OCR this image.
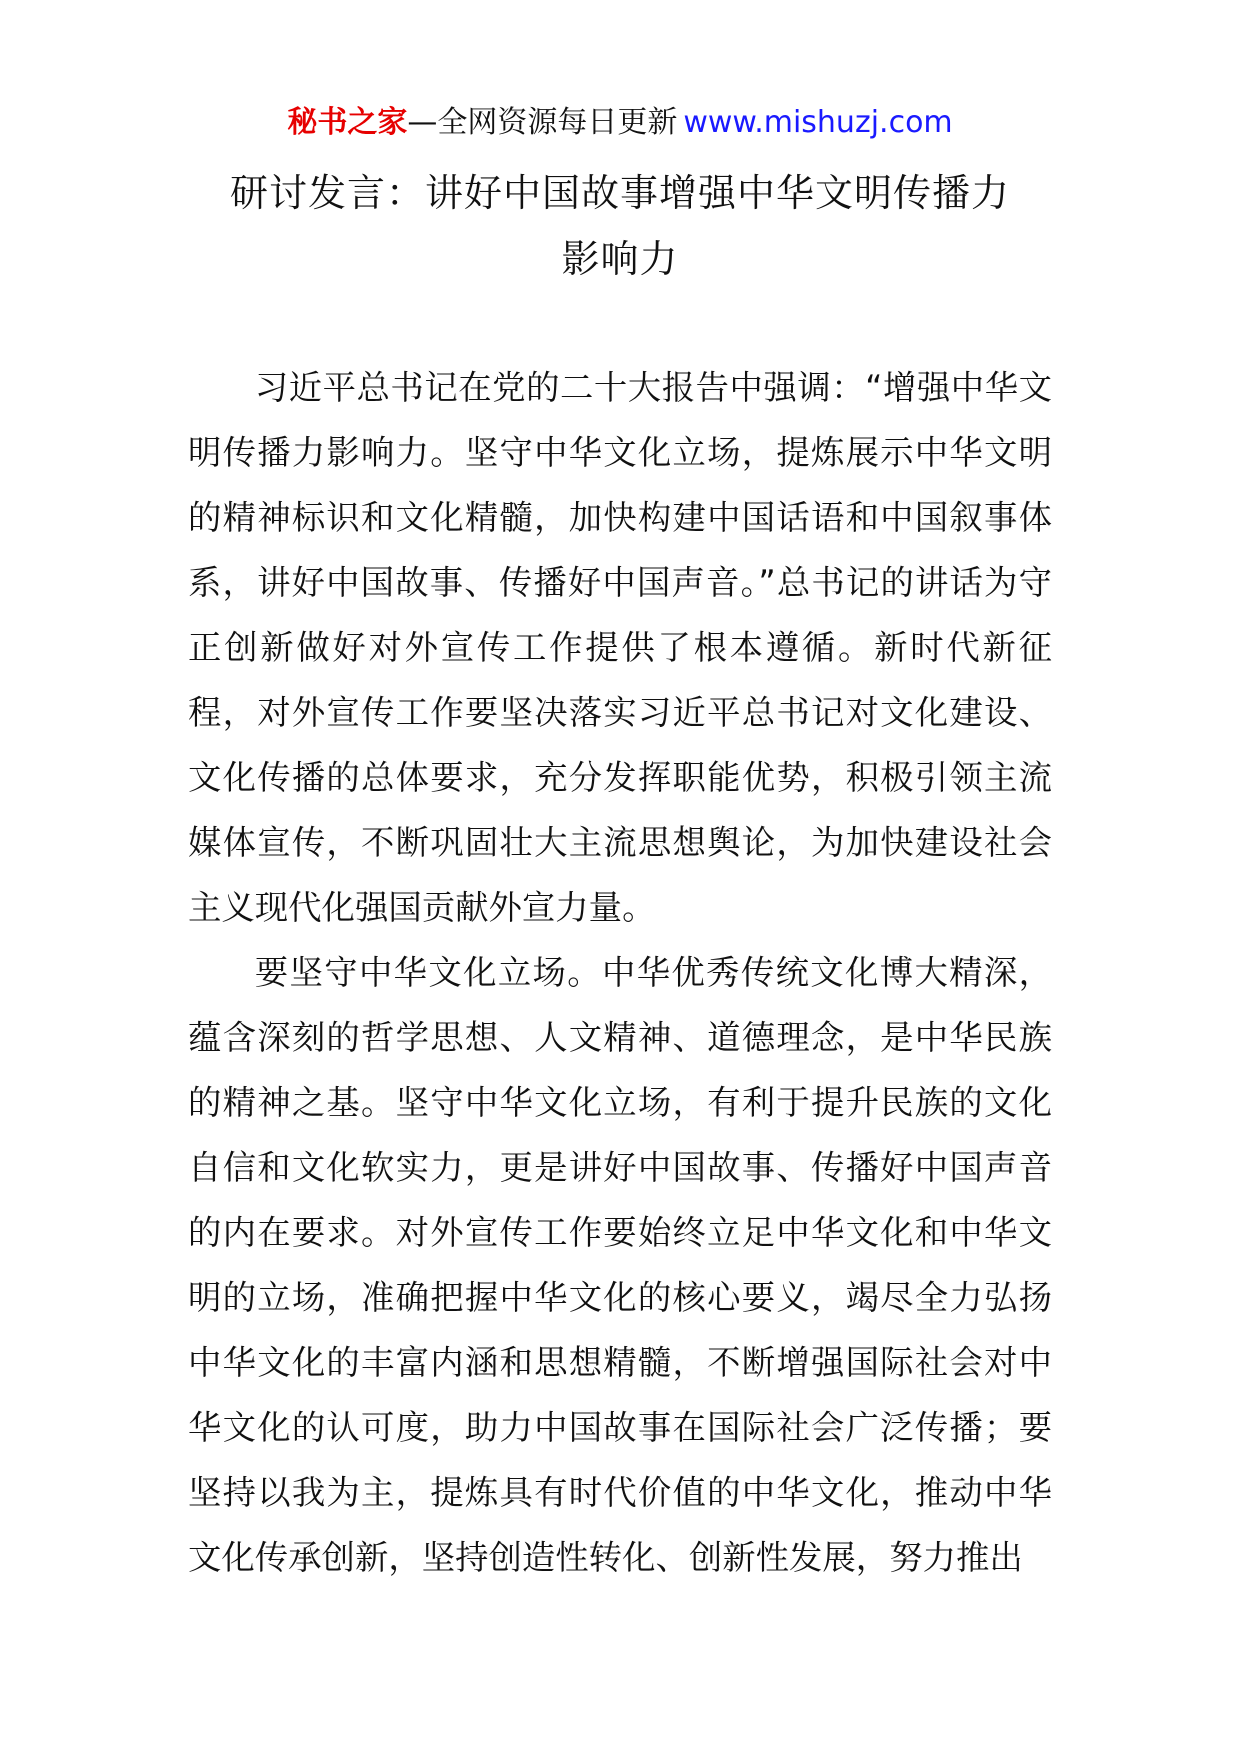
秘书之家—全网资源每日更新 www.mishuzj.com
研讨发言：讲好中国故事增强中华文明传播力
影响力

习近平总书记在党的二十大报告中强调：“增强中华文明传播力影响力。坚守中华文化立场，提炼展示中华文明的精神标识和文化精髓，加快构建中国话语和中国叙事体系，讲好中国故事、传播好中国声音。”总书记的讲话为守正创新做好对外宣传工作提供了根本遵循。新时代新征程，对外宣传工作要坚决落实习近平总书记对文化建设、文化传播的总体要求，充分发挥职能优势，积极引领主流媒体宣传，不断巩固壮大主流思想舆论，为加快建设社会主义现代化强国贡献外宣力量。

要坚守中华文化立场。中华优秀传统文化博大精深，蕴含深刻的哲学思想、人文精神、道德理念，是中华民族的精神之基。坚守中华文化立场，有利于提升民族的文化自信和文化软实力，更是讲好中国故事、传播好中国声音的内在要求。对外宣传工作要始终立足中华文化和中华文明的立场，准确把握中华文化的核心要义，竭尽全力弘扬中华文化的丰富内涵和思想精髓，不断增强国际社会对中华文化的认可度，助力中国故事在国际社会广泛传播；要坚持以我为主，提炼具有时代价值的中华文化，推动中华文化传承创新，坚持创造性转化、创新性发展，努力推出
